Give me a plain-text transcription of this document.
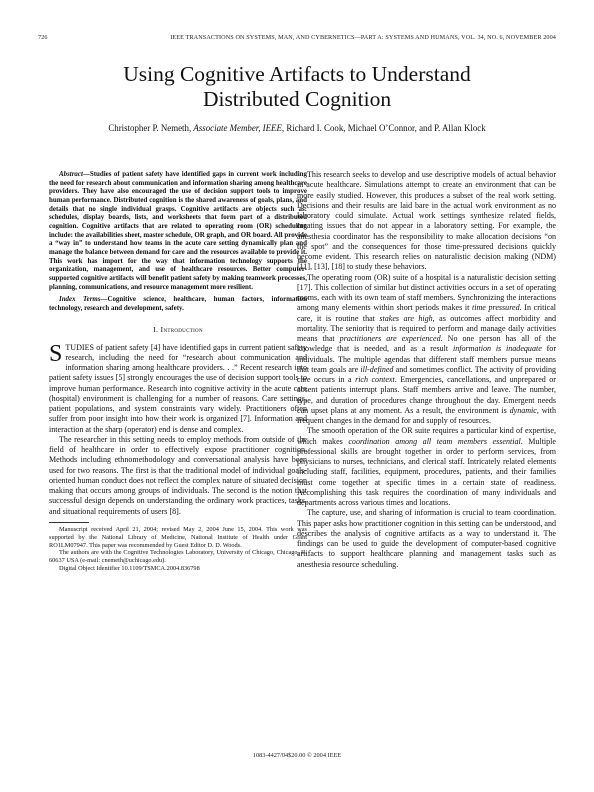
726	IEEE TRANSACTIONS ON SYSTEMS, MAN, AND CYBERNETICS—PART A: SYSTEMS AND HUMANS, VOL. 34, NO. 6, NOVEMBER 2004
Using Cognitive Artifacts to Understand
Distributed Cognition
Christopher P. Nemeth, Associate Member, IEEE, Richard I. Cook, Michael O’Connor, and P. Allan Klock

Abstract—Studies of patient safety have identified gaps in current work including the need for research about communication and information sharing among healthcare providers. They have also encouraged the use of decision support tools to improve human performance. Distributed cognition is the shared awareness of goals, plans, and details that no single individual grasps. Cognitive artifacts are objects such as: schedules, display boards, lists, and worksheets that form part of a distributed cognition. Cognitive artifacts that are related to operating room (OR) scheduling include: the availabilities sheet, master schedule, OR graph, and OR board. All provide a “way in” to understand how teams in the acute care setting dynamically plan and manage the balance between demand for care and the resources available to provide it. This work has import for the way that information technology supports the organization, management, and use of healthcare resources. Better computer-supported cognitive artifacts will benefit patient safety by making teamwork processes, planning, communications, and resource management more resilient.

Index Terms—Cognitive science, healthcare, human factors, information technology, research and development, safety.

I. Introduction

STUDIES of patient safety [4] have identified gaps in current patient safety research, including the need for “research about communication and information sharing among healthcare providers. . .” Recent research into patient safety issues [5] strongly encourages the use of decision support tools to improve human performance. Research into cognitive activity in the acute care (hospital) environment is challenging for a number of reasons. Care settings, patient populations, and system constraints vary widely. Practitioners often suffer from poor insight into how their work is organized [7]. Information and interaction at the sharp (operator) end is dense and complex.

The researcher in this setting needs to employ methods from outside of the field of healthcare in order to effectively expose practitioner cognition. Methods including ethnomethodology and conversational analysis have been used for two reasons. The first is that the traditional model of individual goals-oriented human conduct does not reflect the complex nature of situated decision making that occurs among groups of individuals. The second is the notion that successful design depends on understanding the ordinary work practices, tasks, and situational requirements of users [8].

Manuscript received April 21, 2004; revised May 2, 2004 June 15, 2004. This work was supported by the National Library of Medicine, National Institute of Health under Grant RO1LM07947. This paper was recommended by Guest Editor D. D. Woods.

The authors are with the Cognitive Technologies Laboratory, University of Chicago, Chicago, IL 60637 USA (e-mail: cnemeth@uchicago.edu).

Digital Object Identifier 10.1109/TSMCA.2004.836798

This research seeks to develop and use descriptive models of actual behavior in acute healthcare. Simulations attempt to create an environment that can be more easily studied. However, this produces a subset of the real work setting. Decisions and their results are laid bare in the actual work environment as no laboratory could simulate. Actual work settings synthesize related fields, creating issues that do not appear in a laboratory setting. For example, the anesthesia coordinator has the responsibility to make allocation decisions “on the spot” and the consequences for those time-pressured decisions quickly become evident. This research relies on naturalistic decision making (NDM) [11], [13], [18] to study these behaviors.

The operating room (OR) suite of a hospital is a naturalistic decision setting [17]. This collection of similar but distinct activities occurs in a set of operating rooms, each with its own team of staff members. Synchronizing the interactions among many elements within short periods makes it time pressured. In critical care, it is routine that stakes are high, as outcomes affect morbidity and mortality. The seniority that is required to perform and manage daily activities means that practitioners are experienced. No one person has all of the knowledge that is needed, and as a result information is inadequate for individuals. The multiple agendas that different staff members pursue means that team goals are ill-defined and sometimes conflict. The activity of providing care occurs in a rich context. Emergencies, cancellations, and unprepared or absent patients interrupt plans. Staff members arrive and leave. The number, type, and duration of procedures change throughout the day. Emergent needs can upset plans at any moment. As a result, the environment is dynamic, with frequent changes in the demand for and supply of resources.

The smooth operation of the OR suite requires a particular kind of expertise, which makes coordination among all team members essential. Multiple professional skills are brought together in order to perform services, from physicians to nurses, technicians, and clerical staff. Intricately related elements including staff, facilities, equipment, procedures, patients, and their families must come together at specific times in a certain state of readiness. Accomplishing this task requires the coordination of many individuals and departments across various times and locations.

The capture, use, and sharing of information is crucial to team coordination. This paper asks how practitioner cognition in this setting can be understood, and describes the analysis of cognitive artifacts as a way to understand it. The findings can be used to guide the development of computer-based cognitive artifacts to support healthcare planning and management tasks such as anesthesia resource scheduling.

1083-4427/04$20.00 © 2004 IEEE
